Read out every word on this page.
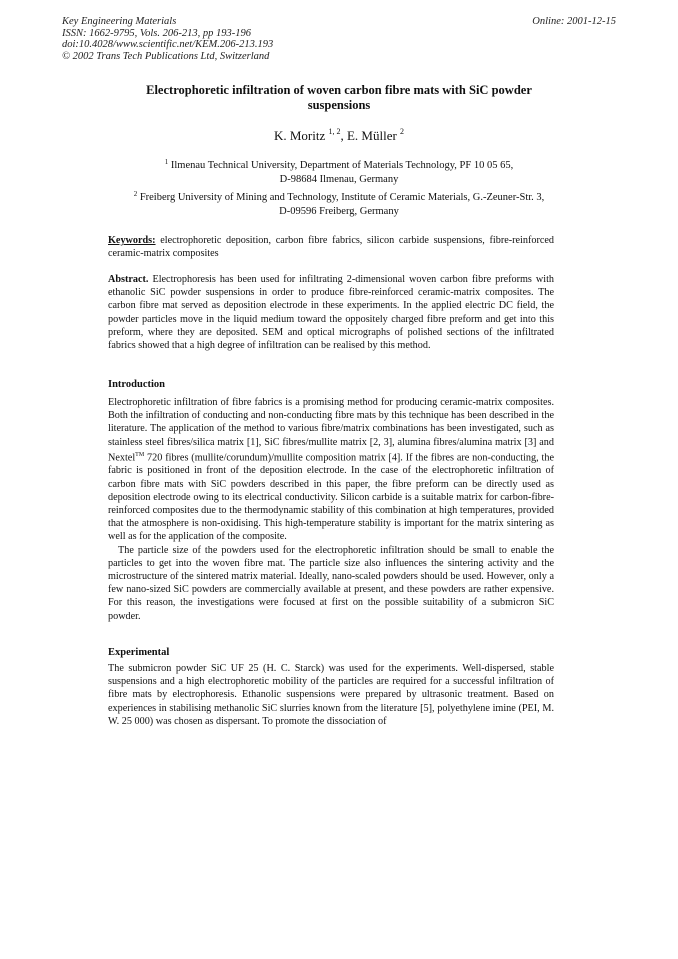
Key Engineering Materials
ISSN: 1662-9795, Vols. 206-213, pp 193-196
doi:10.4028/www.scientific.net/KEM.206-213.193
© 2002 Trans Tech Publications Ltd, Switzerland
Online: 2001-12-15
Electrophoretic infiltration of woven carbon fibre mats with SiC powder
suspensions
K. Moritz $^{1, 2}$, E. Müller $^2$
$^1$ Ilmenau Technical University, Department of Materials Technology, PF 10 05 65,
D-98684 Ilmenau, Germany
$^2$ Freiberg University of Mining and Technology, Institute of Ceramic Materials, G.-Zeuner-Str. 3,
D-09596 Freiberg, Germany

Keywords: electrophoretic deposition, carbon fibre fabrics, silicon carbide suspensions, fibre-reinforced ceramic-matrix composites

Abstract. Electrophoresis has been used for infiltrating 2-dimensional woven carbon fibre preforms with ethanolic SiC powder suspensions in order to produce fibre-reinforced ceramic-matrix composites. The carbon fibre mat served as deposition electrode in these experiments. In the applied electric DC field, the powder particles move in the liquid medium toward the oppositely charged fibre preform and get into this preform, where they are deposited. SEM and optical micrographs of polished sections of the infiltrated fabrics showed that a high degree of infiltration can be realised by this method.

Introduction

Electrophoretic infiltration of fibre fabrics is a promising method for producing ceramic-matrix composites. Both the infiltration of conducting and non-conducting fibre mats by this technique has been described in the literature. The application of the method to various fibre/matrix combinations has been investigated, such as stainless steel fibres/silica matrix [1], SiC fibres/mullite matrix [2, 3], alumina fibres/alumina matrix [3] and Nextel™ 720 fibres (mullite/corundum)/mullite composition matrix [4]. If the fibres are non-conducting, the fabric is positioned in front of the deposition electrode. In the case of the electrophoretic infiltration of carbon fibre mats with SiC powders described in this paper, the fibre preform can be directly used as deposition electrode owing to its electrical conductivity. Silicon carbide is a suitable matrix for carbon-fibre-reinforced composites due to the thermodynamic stability of this combination at high temperatures, provided that the atmosphere is non-oxidising. This high-temperature stability is important for the matrix sintering as well as for the application of the composite.

The particle size of the powders used for the electrophoretic infiltration should be small to enable the particles to get into the woven fibre mat. The particle size also influences the sintering activity and the microstructure of the sintered matrix material. Ideally, nano-scaled powders should be used. However, only a few nano-sized SiC powders are commercially available at present, and these powders are rather expensive. For this reason, the investigations were focused at first on the possible suitability of a submicron SiC powder.

Experimental

The submicron powder SiC UF 25 (H. C. Starck) was used for the experiments. Well-dispersed, stable suspensions and a high electrophoretic mobility of the particles are required for a successful infiltration of fibre mats by electrophoresis. Ethanolic suspensions were prepared by ultrasonic treatment. Based on experiences in stabilising methanolic SiC slurries known from the literature [5], polyethylene imine (PEI, M. W. 25 000) was chosen as dispersant. To promote the dissociation of
